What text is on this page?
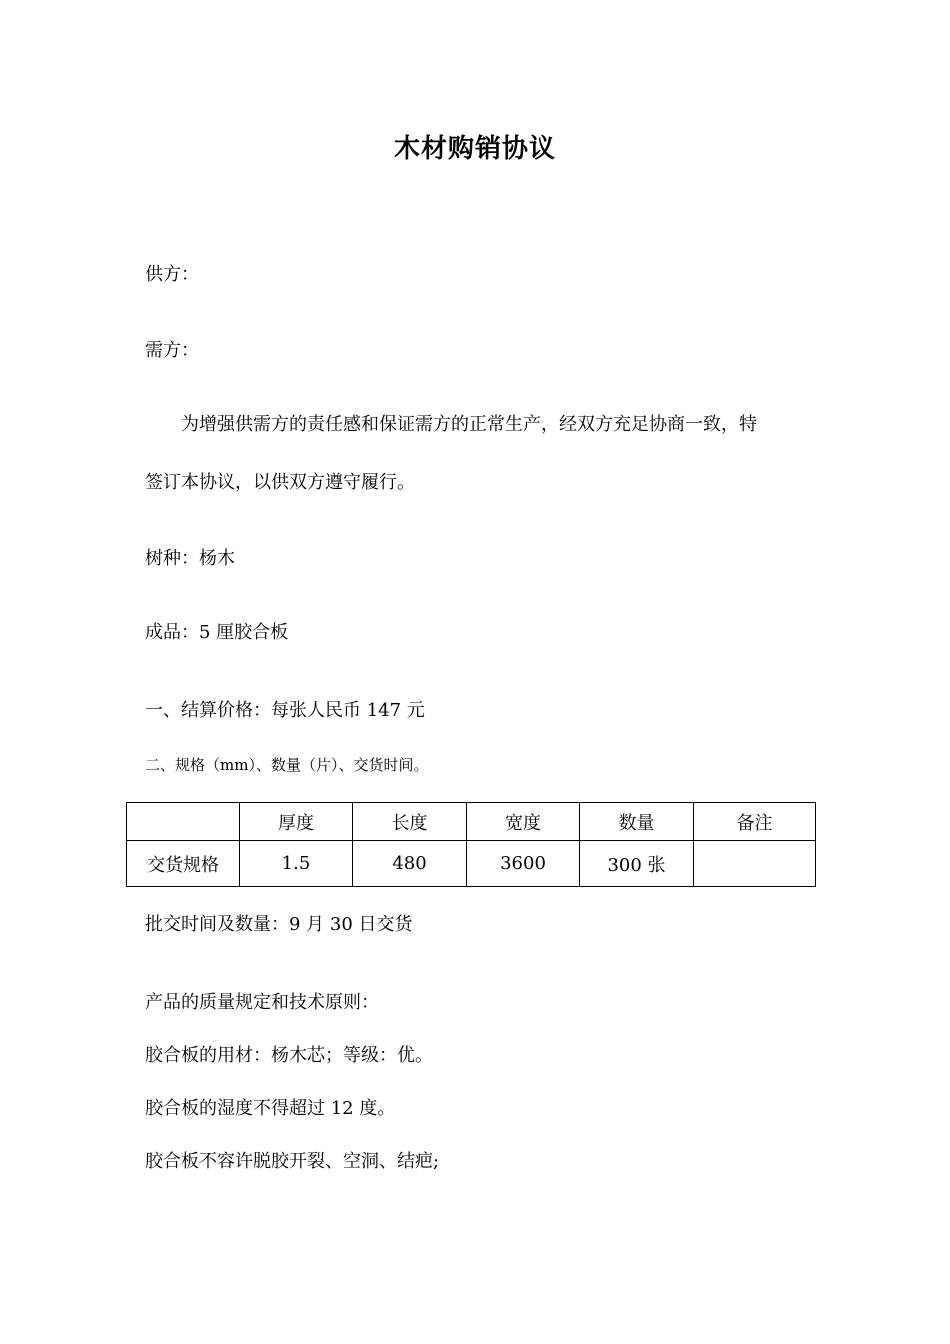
木材购销协议
供方：
需方：
为增强供需方的责任感和保证需方的正常生产，经双方充足协商一致，特
签订本协议，以供双方遵守履行。
树种：杨木
成品：5 厘胶合板
一、结算价格：每张人民币 147 元
二、规格（mm）、数量（片）、交货时间。
	厚度	长度	宽度	数量	备注
交货规格	1.5	480	3600	300 张	
批交时间及数量：9 月 30 日交货
产品的质量规定和技术原则：
胶合板的用材：杨木芯；等级：优。
胶合板的湿度不得超过 12 度。
胶合板不容许脱胶开裂、空洞、结疤;
